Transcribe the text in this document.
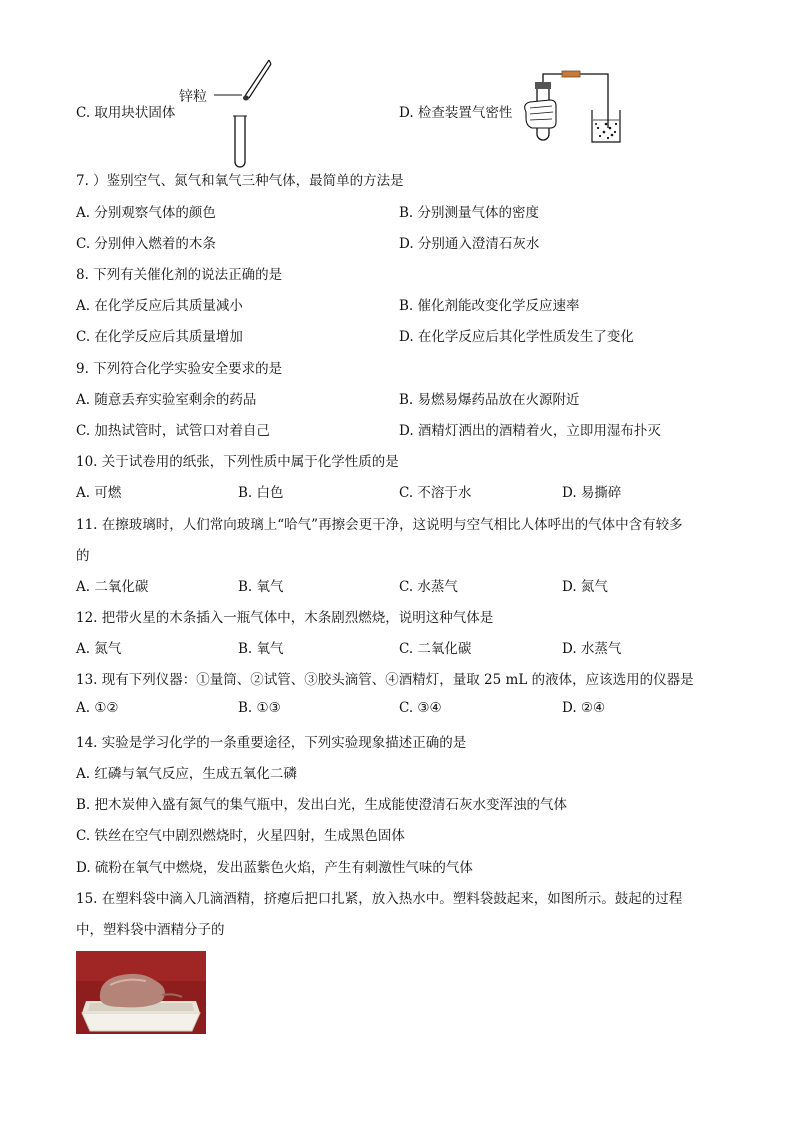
C. 取用块状固体
锌粒
D. 检查装置气密性
7. ）鉴别空气、氮气和氧气三种气体，最简单的方法是
A. 分别观察气体的颜色	B. 分别测量气体的密度
C. 分别伸入燃着的木条	D. 分别通入澄清石灰水
8. 下列有关催化剂的说法正确的是
A. 在化学反应后其质量减小	B. 催化剂能改变化学反应速率
C. 在化学反应后其质量增加	D. 在化学反应后其化学性质发生了变化
9. 下列符合化学实验安全要求的是
A. 随意丢弃实验室剩余的药品	B. 易燃易爆药品放在火源附近
C. 加热试管时，试管口对着自己	D. 酒精灯洒出的酒精着火，立即用湿布扑灭
10. 关于试卷用的纸张，下列性质中属于化学性质的是
A. 可燃	B. 白色	C. 不溶于水	D. 易撕碎
11. 在擦玻璃时，人们常向玻璃上“哈气”再擦会更干净，这说明与空气相比人体呼出的气体中含有较多
的
A. 二氧化碳	B. 氧气	C. 水蒸气	D. 氮气
12. 把带火星的木条插入一瓶气体中，木条剧烈燃烧，说明这种气体是
A. 氮气	B. 氧气	C. 二氧化碳	D. 水蒸气
13. 现有下列仪器：①量筒、②试管、③胶头滴管、④酒精灯，量取 25 mL 的液体，应该选用的仪器是
A. ①②	B. ①③	C. ③④	D. ②④
14. 实验是学习化学的一条重要途径，下列实验现象描述正确的是
A. 红磷与氧气反应，生成五氧化二磷
B. 把木炭伸入盛有氮气的集气瓶中，发出白光，生成能使澄清石灰水变浑浊的气体
C. 铁丝在空气中剧烈燃烧时，火星四射，生成黑色固体
D. 硫粉在氧气中燃烧，发出蓝紫色火焰，产生有刺激性气味的气体
15. 在塑料袋中滴入几滴酒精，挤瘪后把口扎紧，放入热水中。塑料袋鼓起来，如图所示。鼓起的过程
中，塑料袋中酒精分子的
